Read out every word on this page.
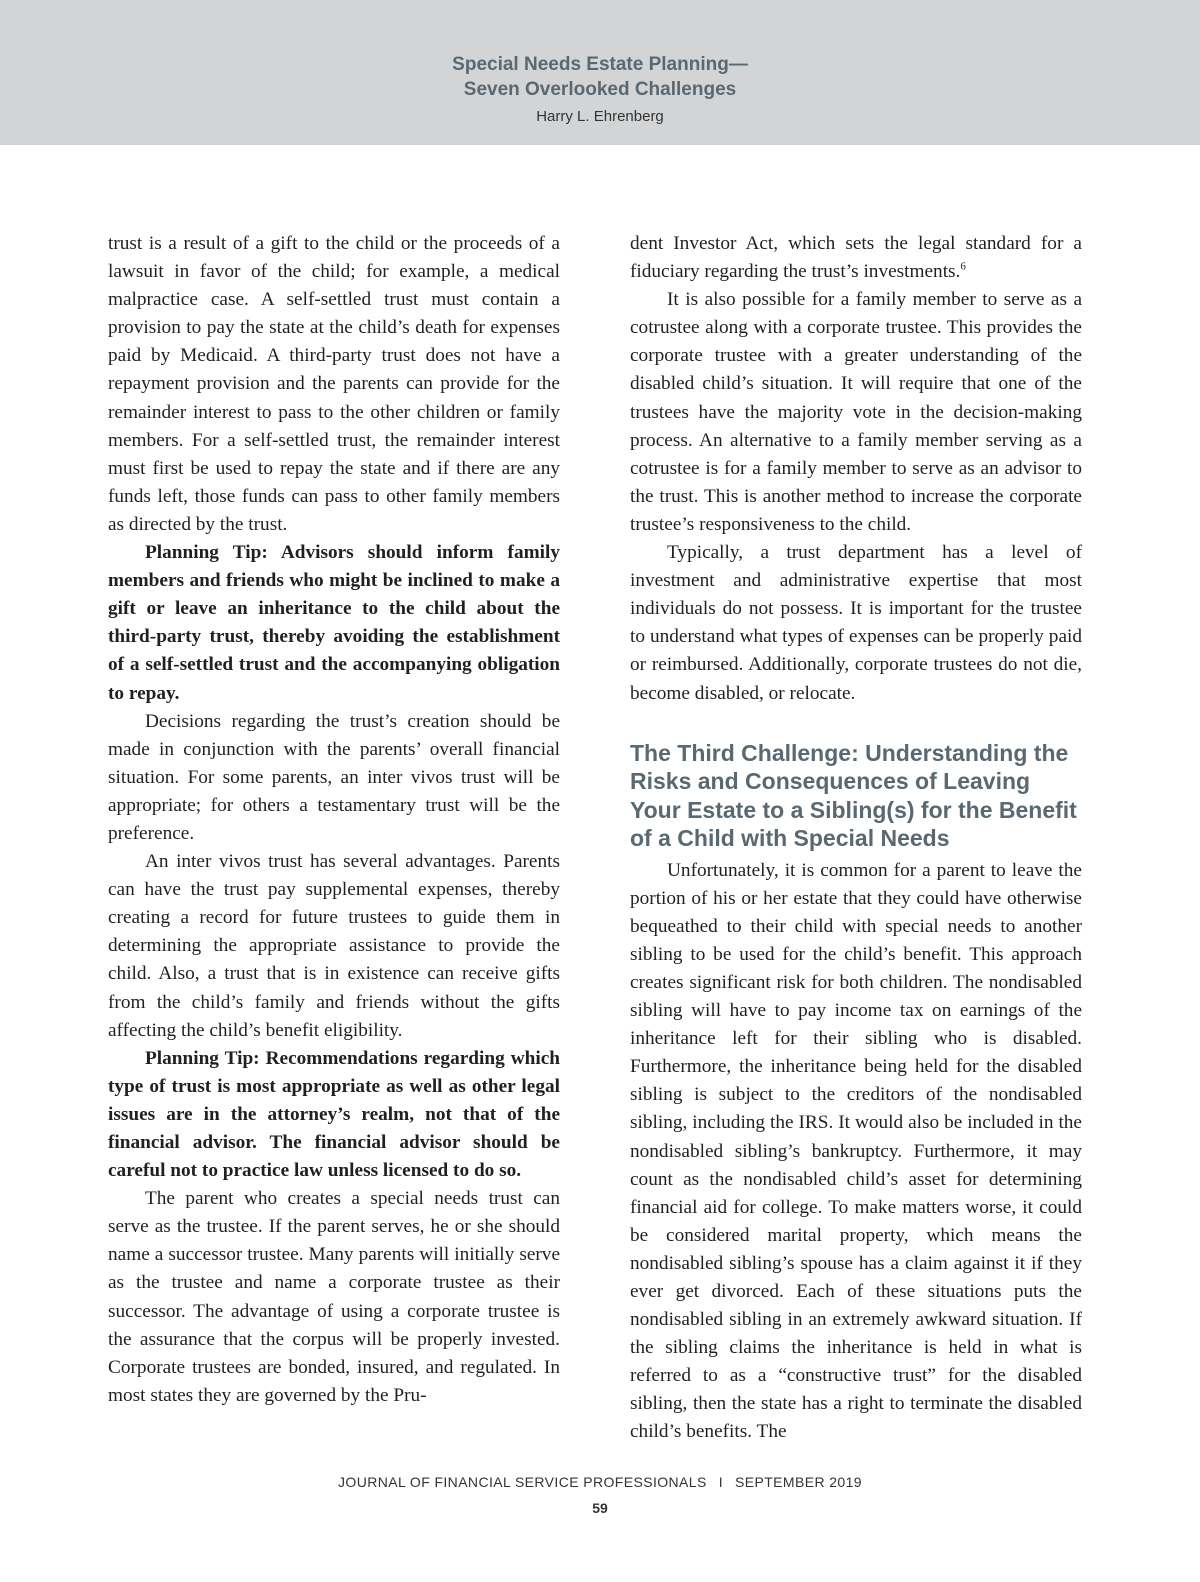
Special Needs Estate Planning—
Seven Overlooked Challenges
Harry L. Ehrenberg

trust is a result of a gift to the child or the proceeds of a lawsuit in favor of the child; for example, a medical malpractice case. A self-settled trust must contain a provision to pay the state at the child’s death for expenses paid by Medicaid. A third-party trust does not have a repayment provision and the parents can provide for the remainder interest to pass to the other children or family members. For a self-settled trust, the remainder interest must first be used to repay the state and if there are any funds left, those funds can pass to other family members as directed by the trust.

Planning Tip: Advisors should inform family members and friends who might be inclined to make a gift or leave an inheritance to the child about the third-party trust, thereby avoiding the establishment of a self-settled trust and the accompanying obligation to repay.

Decisions regarding the trust’s creation should be made in conjunction with the parents’ overall financial situation. For some parents, an inter vivos trust will be appropriate; for others a testamentary trust will be the preference.

An inter vivos trust has several advantages. Parents can have the trust pay supplemental expenses, thereby creating a record for future trustees to guide them in determining the appropriate assistance to provide the child. Also, a trust that is in existence can receive gifts from the child’s family and friends without the gifts affecting the child’s benefit eligibility.

Planning Tip: Recommendations regarding which type of trust is most appropriate as well as other legal issues are in the attorney’s realm, not that of the financial advisor. The financial advisor should be careful not to practice law unless licensed to do so.

The parent who creates a special needs trust can serve as the trustee. If the parent serves, he or she should name a successor trustee. Many parents will initially serve as the trustee and name a corporate trustee as their successor. The advantage of using a corporate trustee is the assurance that the corpus will be properly invested. Corporate trustees are bonded, insured, and regulated. In most states they are governed by the Pru-

dent Investor Act, which sets the legal standard for a fiduciary regarding the trust’s investments.$^6$

It is also possible for a family member to serve as a cotrustee along with a corporate trustee. This provides the corporate trustee with a greater understanding of the disabled child’s situation. It will require that one of the trustees have the majority vote in the decision-making process. An alternative to a family member serving as a cotrustee is for a family member to serve as an advisor to the trust. This is another method to increase the corporate trustee’s responsiveness to the child.

Typically, a trust department has a level of investment and administrative expertise that most individuals do not possess. It is important for the trustee to understand what types of expenses can be properly paid or reimbursed. Additionally, corporate trustees do not die, become disabled, or relocate.

The Third Challenge: Understanding the Risks and Consequences of Leaving Your Estate to a Sibling(s) for the Benefit of a Child with Special Needs

Unfortunately, it is common for a parent to leave the portion of his or her estate that they could have otherwise bequeathed to their child with special needs to another sibling to be used for the child’s benefit. This approach creates significant risk for both children. The nondisabled sibling will have to pay income tax on earnings of the inheritance left for their sibling who is disabled. Furthermore, the inheritance being held for the disabled sibling is subject to the creditors of the nondisabled sibling, including the IRS. It would also be included in the nondisabled sibling’s bankruptcy. Furthermore, it may count as the nondisabled child’s asset for determining financial aid for college. To make matters worse, it could be considered marital property, which means the nondisabled sibling’s spouse has a claim against it if they ever get divorced. Each of these situations puts the nondisabled sibling in an extremely awkward situation. If the sibling claims the inheritance is held in what is referred to as a “constructive trust” for the disabled sibling, then the state has a right to terminate the disabled child’s benefits. The

JOURNAL OF FINANCIAL SERVICE PROFESSIONALS I SEPTEMBER 2019
59
